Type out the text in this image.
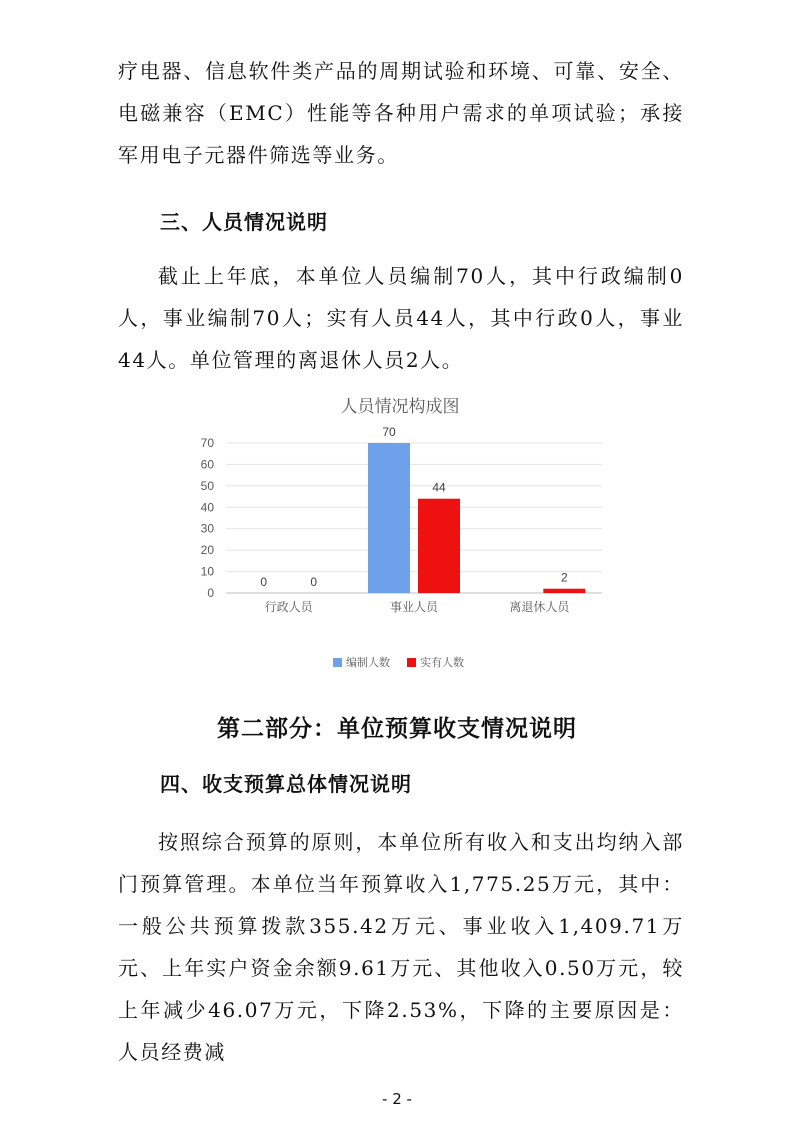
疗电器、信息软件类产品的周期试验和环境、可靠、安全、电磁兼容（EMC）性能等各种用户需求的单项试验；承接军用电子元器件筛选等业务。

三、人员情况说明

截止上年底，本单位人员编制70人，其中行政编制0人，事业编制70人；实有人员44人，其中行政0人，事业44人。单位管理的离退休人员2人。

人员情况构成图
0
10
20
30
40
50
60
70
0	0
70
44
2
行政人员	事业人员	离退休人员
编制人数	实有人数
第二部分：单位预算收支情况说明
四、收支预算总体情况说明

按照综合预算的原则，本单位所有收入和支出均纳入部门预算管理。本单位当年预算收入1,775.25万元，其中：一般公共预算拨款355.42万元、事业收入1,409.71万元、上年实户资金余额9.61万元、其他收入0.50万元，较上年减少46.07万元，下降2.53%，下降的主要原因是：人员经费减

- 2 -
